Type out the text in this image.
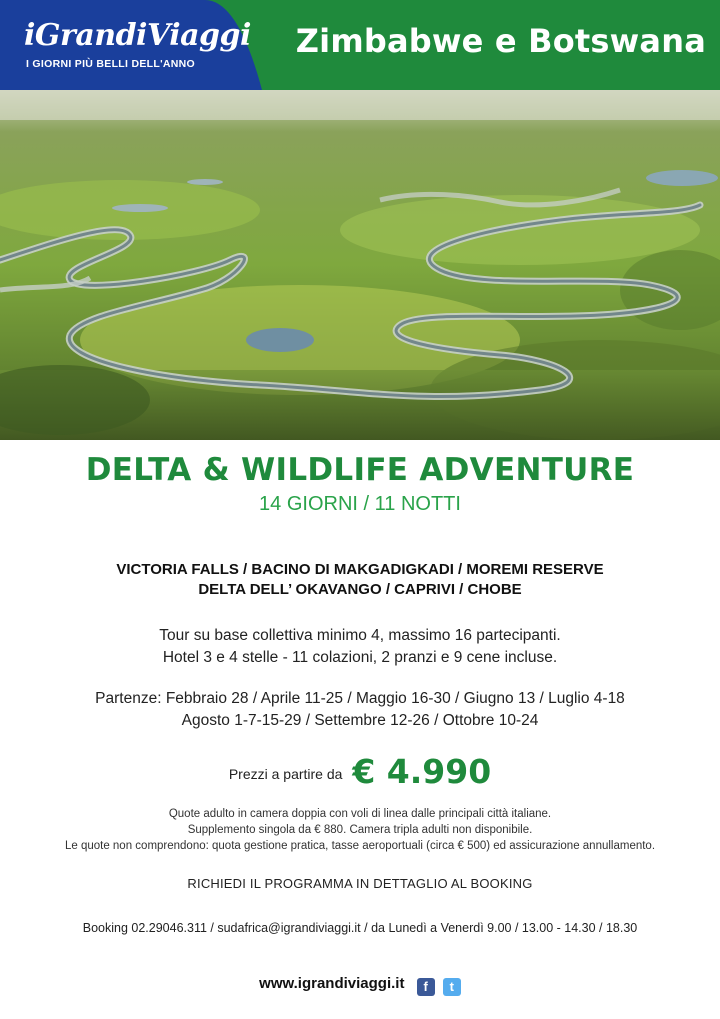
iGrandiViaggi
I GIORNI PIÙ BELLI DELL'ANNO
Zimbabwe e Botswana
DELTA & WILDLIFE ADVENTURE
14 GIORNI / 11 NOTTI
VICTORIA FALLS / BACINO DI MAKGADIGKADI / MOREMI RESERVE
DELTA DELL’ OKAVANGO / CAPRIVI / CHOBE
Tour su base collettiva minimo 4, massimo 16 partecipanti.
Hotel 3 e 4 stelle - 11 colazioni, 2 pranzi e 9 cene incluse.
Partenze: Febbraio 28 / Aprile 11-25 / Maggio 16-30 / Giugno 13 / Luglio 4-18
Agosto 1-7-15-29 / Settembre 12-26 / Ottobre 10-24
Prezzi a partire da € 4.990
Quote adulto in camera doppia con voli di linea dalle principali città italiane.
Supplemento singola da € 880. Camera tripla adulti non disponibile.
Le quote non comprendono: quota gestione pratica, tasse aeroportuali (circa € 500) ed assicurazione annullamento.
RICHIEDI IL PROGRAMMA IN DETTAGLIO AL BOOKING
Booking 02.29046.311 / sudafrica@igrandiviaggi.it / da Lunedì a Venerdì 9.00 / 13.00 - 14.30 / 18.30
www.igrandiviaggi.it f t
